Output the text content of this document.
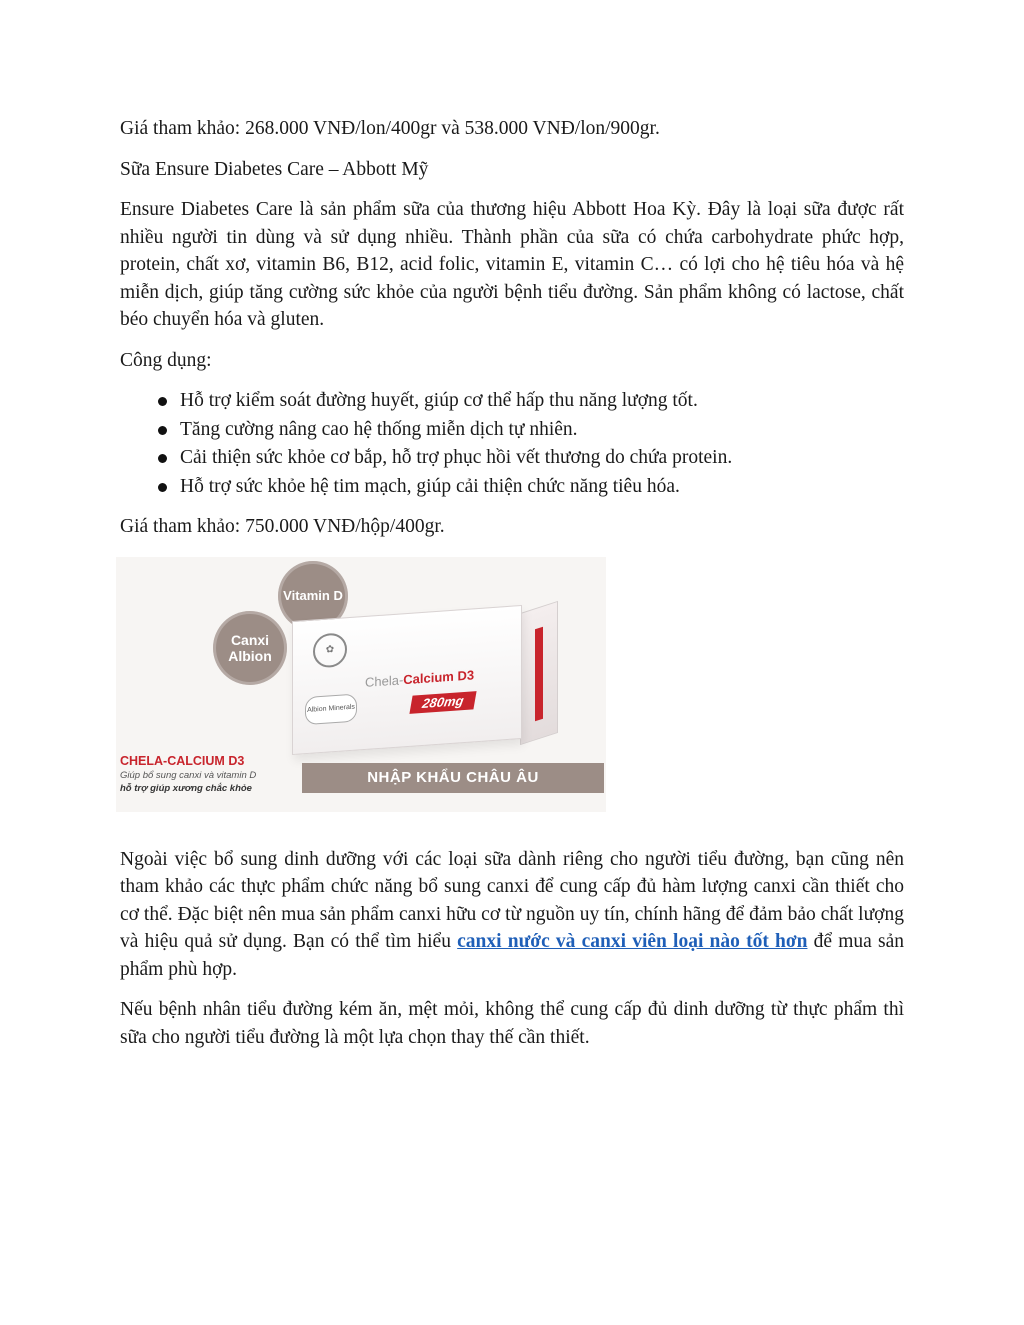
Giá tham khảo: 268.000 VNĐ/lon/400gr và 538.000 VNĐ/lon/900gr.

Sữa Ensure Diabetes Care – Abbott Mỹ

Ensure Diabetes Care là sản phẩm sữa của thương hiệu Abbott Hoa Kỳ. Đây là loại sữa được rất nhiều người tin dùng và sử dụng nhiều. Thành phần của sữa có chứa carbohydrate phức hợp, protein, chất xơ, vitamin B6, B12, acid folic, vitamin E, vitamin C… có lợi cho hệ tiêu hóa và hệ miễn dịch, giúp tăng cường sức khỏe của người bệnh tiểu đường. Sản phẩm không có lactose, chất béo chuyển hóa và gluten.

Công dụng:

Hỗ trợ kiểm soát đường huyết, giúp cơ thể hấp thu năng lượng tốt.
Tăng cường nâng cao hệ thống miễn dịch tự nhiên.
Cải thiện sức khỏe cơ bắp, hỗ trợ phục hồi vết thương do chứa protein.
Hỗ trợ sức khỏe hệ tim mạch, giúp cải thiện chức năng tiêu hóa.

Giá tham khảo: 750.000 VNĐ/hộp/400gr.

Vitamin D
✿
Chela-Calcium D3
Albion Minerals	280mg
Canxi Albion
CHELA-CALCIUM D3
Giúp bổ sung canxi và vitamin D
hỗ trợ giúp xương chắc khỏe
NHẬP KHẨU CHÂU ÂU

Ngoài việc bổ sung dinh dưỡng với các loại sữa dành riêng cho người tiểu đường, bạn cũng nên tham khảo các thực phẩm chức năng bổ sung canxi để cung cấp đủ hàm lượng canxi cần thiết cho cơ thể. Đặc biệt nên mua sản phẩm canxi hữu cơ từ nguồn uy tín, chính hãng để đảm bảo chất lượng và hiệu quả sử dụng. Bạn có thể tìm hiểu canxi nước và canxi viên loại nào tốt hơn để mua sản phẩm phù hợp.

Nếu bệnh nhân tiểu đường kém ăn, mệt mỏi, không thể cung cấp đủ dinh dưỡng từ thực phẩm thì sữa cho người tiểu đường là một lựa chọn thay thế cần thiết.
